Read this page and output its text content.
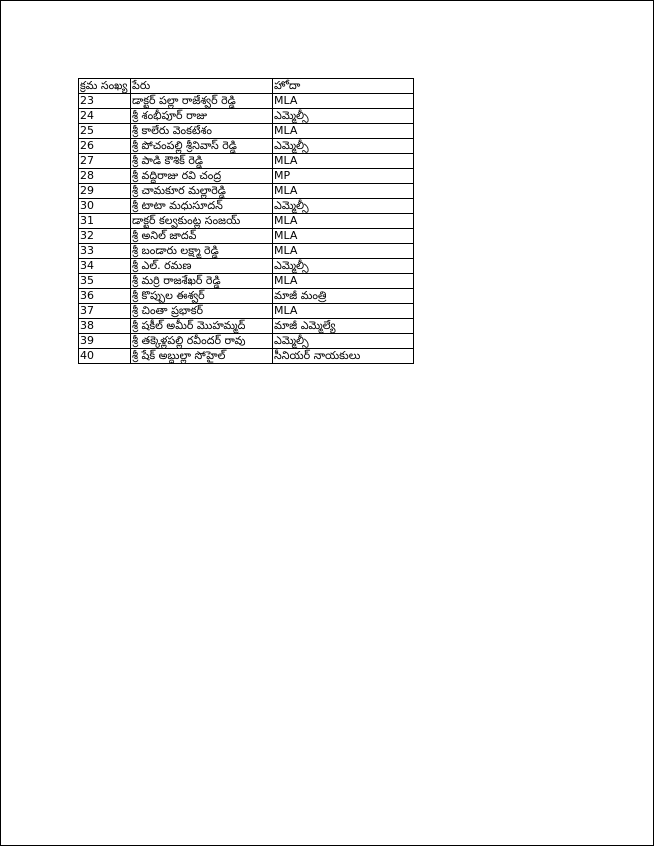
క్రమ సంఖ్య	పేరు	హోదా
23	డాక్టర్ పల్లా రాజేశ్వర్ రెడ్డి	MLA
24	శ్రీ శంభీపూర్ రాజు	ఎమ్మెల్సీ
25	శ్రీ కాలేరు వెంకటేశం	MLA
26	శ్రీ పోచంపల్లి శ్రీనివాస్ రెడ్డి	ఎమ్మెల్సీ
27	శ్రీ పాడి కౌశిక్ రెడ్డి	MLA
28	శ్రీ వద్దిరాజు రవి చంద్ర	MP
29	శ్రీ చామకూర మల్లారెడ్డి	MLA
30	శ్రీ టాటా మధుసూదన్	ఎమ్మెల్సీ
31	డాక్టర్ కల్వకుంట్ల సంజయ్	MLA
32	శ్రీ అనిల్ జాదవ్	MLA
33	శ్రీ బండారు లక్ష్మా రెడ్డి	MLA
34	శ్రీ ఎల్. రమణ	ఎమ్మెల్సీ
35	శ్రీ మర్రి రాజశేఖర్ రెడ్డి	MLA
36	శ్రీ కొప్పుల ఈశ్వర్	మాజీ మంత్రి
37	శ్రీ చింతా ప్రభాకర్	MLA
38	శ్రీ షకీల్ అమీర్ మొహమ్మద్	మాజీ ఎమ్మెల్యే
39	శ్రీ తక్కెళ్లపల్లి రవీందర్ రావు	ఎమ్మెల్సీ
40	శ్రీ షేక్ అబ్దుల్లా సోహైల్	సీనియర్ నాయకులు
